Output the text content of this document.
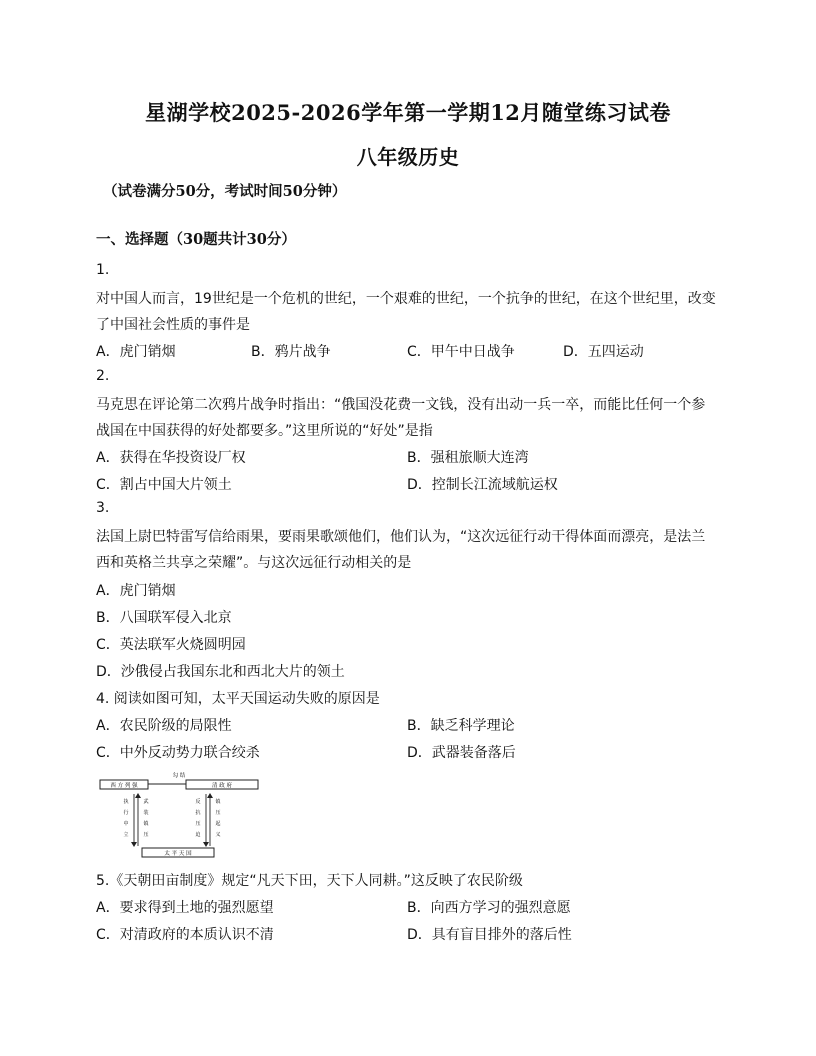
星湖学校2025-2026学年第一学期12月随堂练习试卷
八年级历史
（试卷满分50分，考试时间50分钟）
一、选择题（30题共计30分）
1.
对中国人而言，19世纪是一个危机的世纪，一个艰难的世纪，一个抗争的世纪，在这个世纪里，改变
了中国社会性质的事件是
A．虎门销烟	B．鸦片战争	C．甲午中日战争	D．五四运动
2.
马克思在评论第二次鸦片战争时指出：“俄国没花费一文钱，没有出动一兵一卒，而能比任何一个参
战国在中国获得的好处都要多。”这里所说的“好处”是指
A．获得在华投资设厂权	B．强租旅顺大连湾
C．割占中国大片领土	D．控制长江流域航运权
3.
法国上尉巴特雷写信给雨果，要雨果歌颂他们，他们认为，“这次远征行动干得体面而漂亮，是法兰
西和英格兰共享之荣耀”。与这次远征行动相关的是
A．虎门销烟
B．八国联军侵入北京
C．英法联军火烧圆明园
D．沙俄侵占我国东北和西北大片的领土
4. 阅读如图可知，太平天国运动失败的原因是
A．农民阶级的局限性	B．缺乏科学理论
C．中外反动势力联合绞杀	D．武器装备落后
勾 结
西 方 列 强	清 政 府
执
行
中
立
武
装
镇
压
反
抗
压
迫
镇
压
起
义
太 平 天 国
5.《天朝田亩制度》规定“凡天下田，天下人同耕。”这反映了农民阶级
A．要求得到土地的强烈愿望	B．向西方学习的强烈意愿
C．对清政府的本质认识不清	D．具有盲目排外的落后性
